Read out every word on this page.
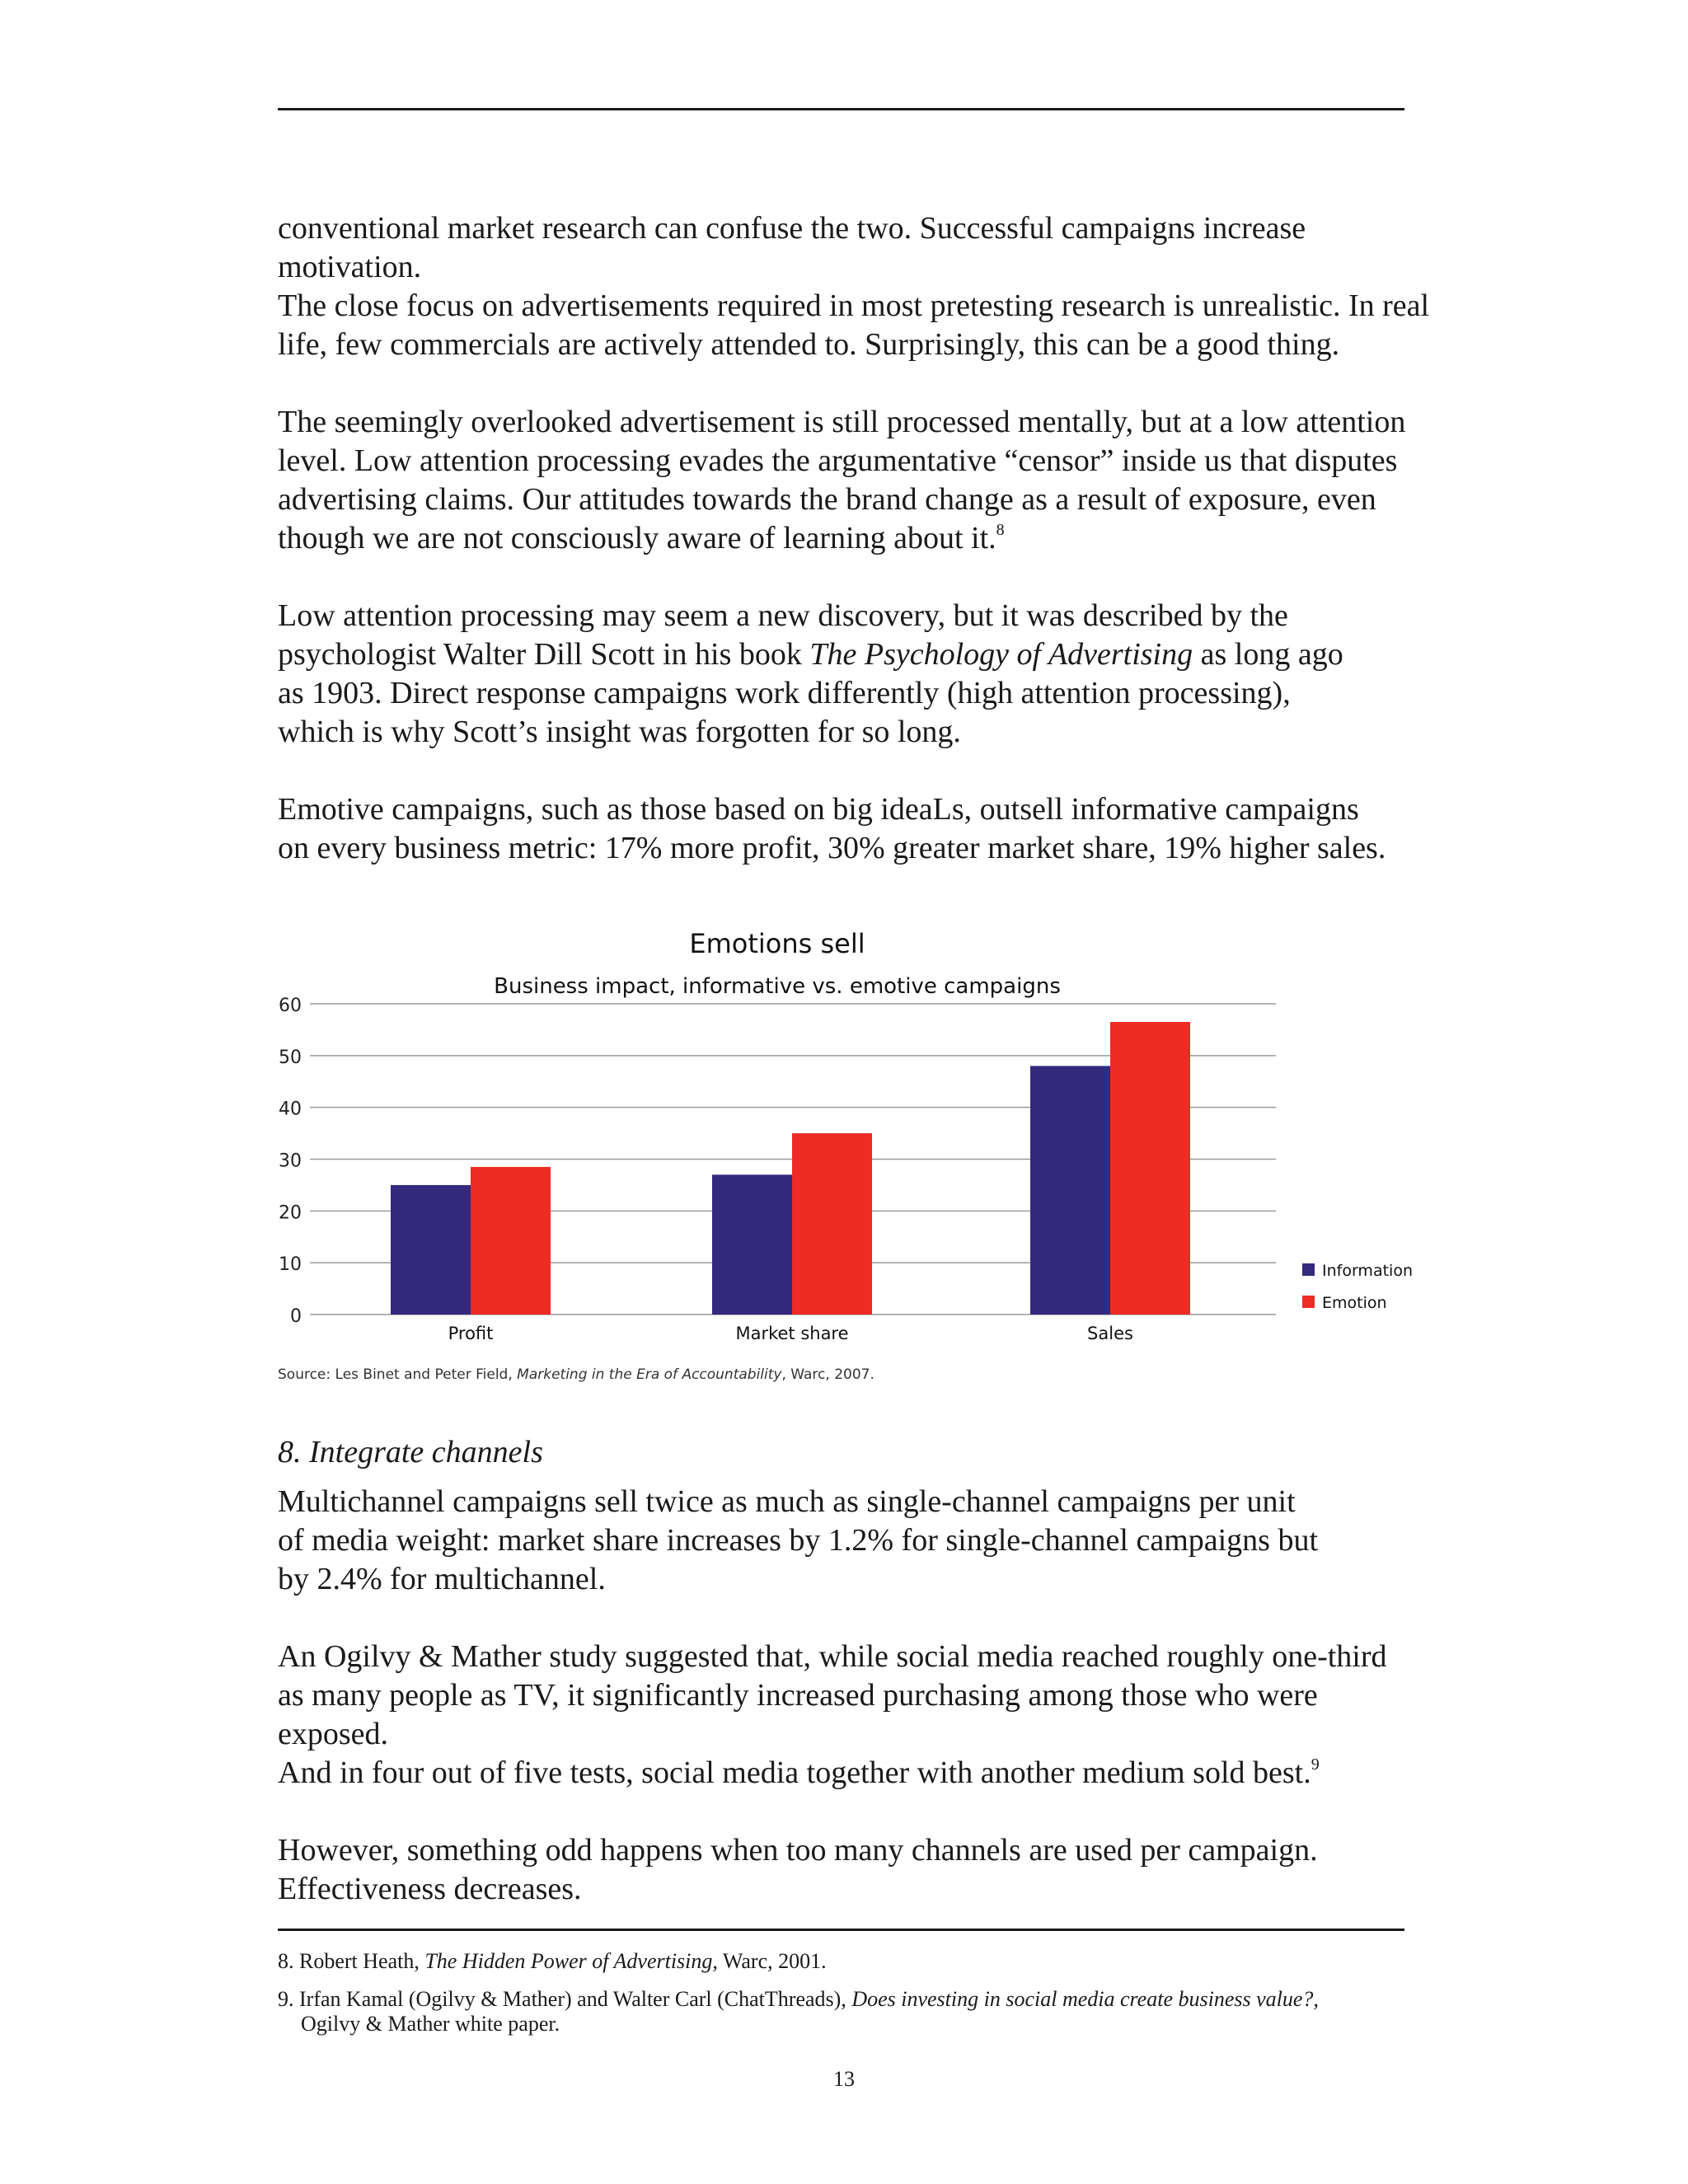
conventional market research can confuse the two. Successful campaigns increase motivation.
The close focus on advertisements required in most pretesting research is unrealistic. In real
life, few commercials are actively attended to. Surprisingly, this can be a good thing.

The seemingly overlooked advertisement is still processed mentally, but at a low attention
level. Low attention processing evades the argumentative “censor” inside us that disputes
advertising claims. Our attitudes towards the brand change as a result of exposure, even
though we are not consciously aware of learning about it.$^8$

Low attention processing may seem a new discovery, but it was described by the
psychologist Walter Dill Scott in his book The Psychology of Advertising as long ago
as 1903. Direct response campaigns work differently (high attention processing),
which is why Scott’s insight was forgotten for so long.

Emotive campaigns, such as those based on big ideaLs, outsell informative campaigns
on every business metric: 17% more profit, 30% greater market share, 19% higher sales.

Emotions sell
Business impact, informative vs. emotive campaigns
0
10
20
30
40
50
60
Profit	Market share	Sales
Information
Emotion
Source: Les Binet and Peter Field, Marketing in the Era of Accountability, Warc, 2007.
8. Integrate channels

Multichannel campaigns sell twice as much as single-channel campaigns per unit
of media weight: market share increases by 1.2% for single-channel campaigns but
by 2.4% for multichannel.

An Ogilvy & Mather study suggested that, while social media reached roughly one-third
as many people as TV, it significantly increased purchasing among those who were exposed.
And in four out of five tests, social media together with another medium sold best.$^9$

However, something odd happens when too many channels are used per campaign.
Effectiveness decreases.

8. Robert Heath, The Hidden Power of Advertising, Warc, 2001.
9. Irfan Kamal (Ogilvy & Mather) and Walter Carl (ChatThreads), Does investing in social media create business value?,
Ogilvy & Mather white paper.
13
